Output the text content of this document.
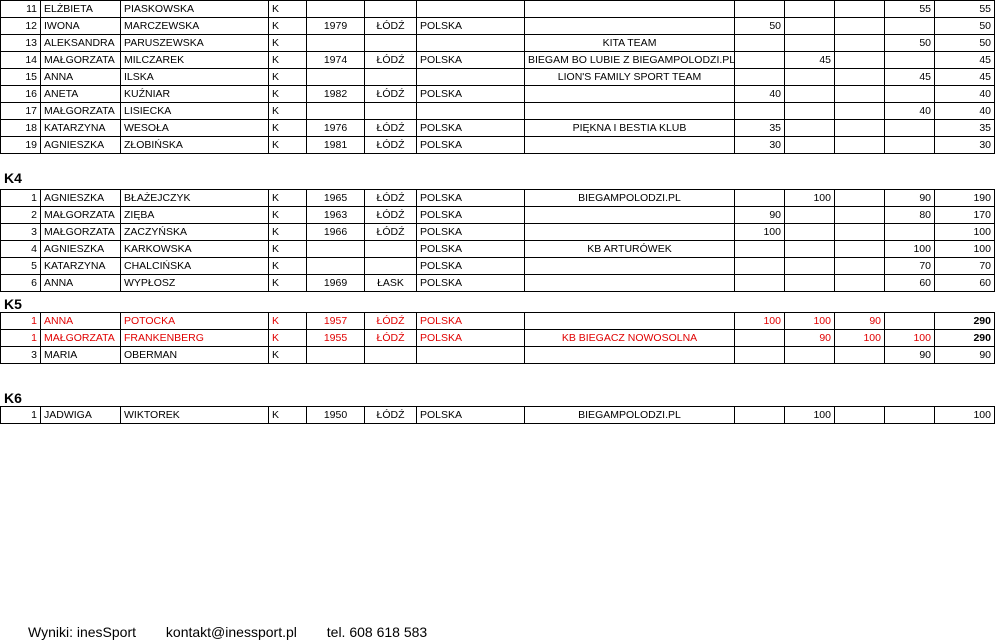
11	ELŻBIETA	PIASKOWSKA	K								55	55
12	IWONA	MARCZEWSKA	K	1979	ŁÓDŹ	POLSKA		50				50
13	ALEKSANDRA	PARUSZEWSKA	K				KITA TEAM				50	50
14	MAŁGORZATA	MILCZAREK	K	1974	ŁÓDŹ	POLSKA	BIEGAM BO LUBIE Z BIEGAMPOLODZI.PL		45			45
15	ANNA	ILSKA	K				LION'S FAMILY SPORT TEAM				45	45
16	ANETA	KUŹNIAR	K	1982	ŁÓDŹ	POLSKA		40				40
17	MAŁGORZATA	LISIECKA	K								40	40
18	KATARZYNA	WESOŁA	K	1976	ŁÓDŹ	POLSKA	PIĘKNA I BESTIA KLUB	35				35
19	AGNIESZKA	ZŁOBIŃSKA	K	1981	ŁÓDŹ	POLSKA		30				30
K4
1	AGNIESZKA	BŁAŻEJCZYK	K	1965	ŁÓDŹ	POLSKA	BIEGAMPOLODZI.PL		100		90	190
2	MAŁGORZATA	ZIĘBA	K	1963	ŁÓDŹ	POLSKA		90			80	170
3	MAŁGORZATA	ZACZYŃSKA	K	1966	ŁÓDŹ	POLSKA		100				100
4	AGNIESZKA	KARKOWSKA	K			POLSKA	KB ARTURÓWEK				100	100
5	KATARZYNA	CHALCIŃSKA	K			POLSKA					70	70
6	ANNA	WYPŁOSZ	K	1969	ŁASK	POLSKA					60	60
K5
1	ANNA	POTOCKA	K	1957	ŁÓDŹ	POLSKA		100	100	90		290
1	MAŁGORZATA	FRANKENBERG	K	1955	ŁÓDŹ	POLSKA	KB BIEGACZ NOWOSOLNA		90	100	100	290
3	MARIA	OBERMAN	K								90	90
K6
1	JADWIGA	WIKTOREK	K	1950	ŁÓDŹ	POLSKA	BIEGAMPOLODZI.PL		100			100
Wyniki: inesSport kontakt@inessport.pl tel. 608 618 583
